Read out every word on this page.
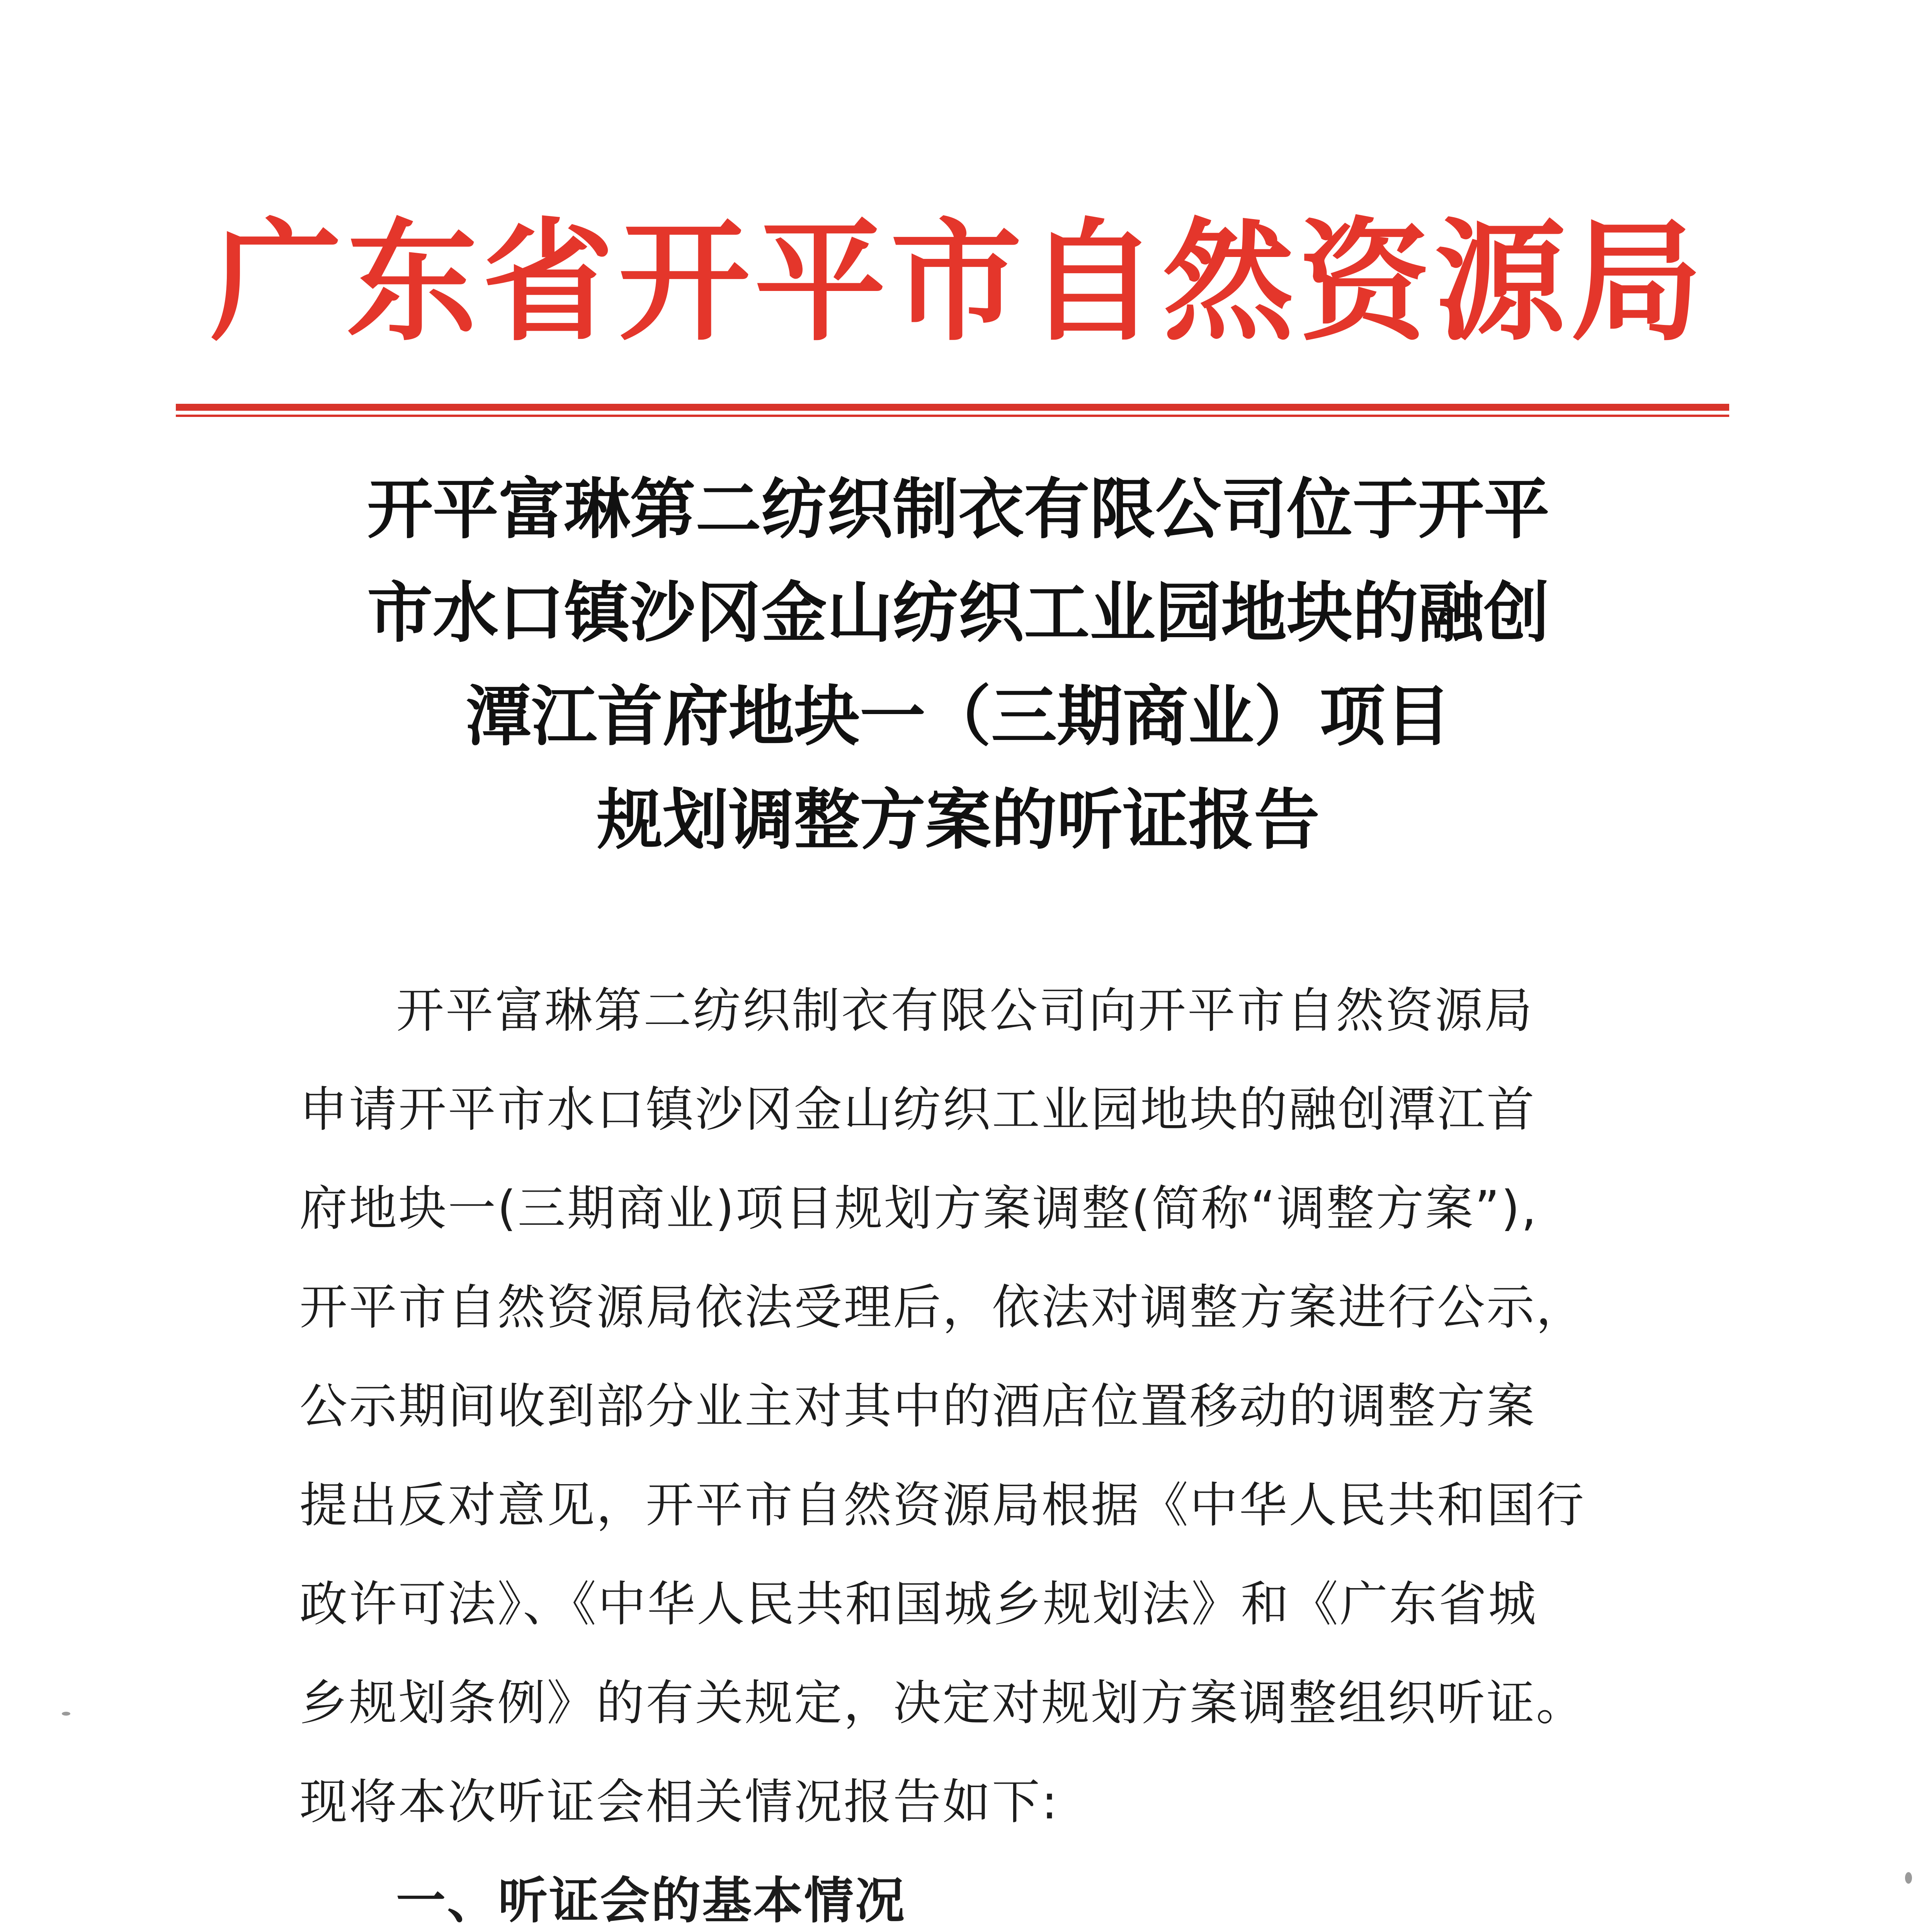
广东省开平市自然资源局
开平富琳第二纺织制衣有限公司位于开平
市水口镇沙冈金山纺织工业园地块的融创
潭江首府地块一（三期商业）项目
规划调整方案的听证报告
开平富琳第二纺织制衣有限公司向开平市自然资源局
申请开平市水口镇沙冈金山纺织工业园地块的融创潭江首
府地块一(三期商业)项目规划方案调整(简称“调整方案”),
开平市自然资源局依法受理后，依法对调整方案进行公示，
公示期间收到部分业主对其中的酒店位置移动的调整方案
提出反对意见，开平市自然资源局根据《中华人民共和国行
政许可法》、《中华人民共和国城乡规划法》和《广东省城
乡规划条例》的有关规定，决定对规划方案调整组织听证。
现将本次听证会相关情况报告如下:
一、听证会的基本情况
